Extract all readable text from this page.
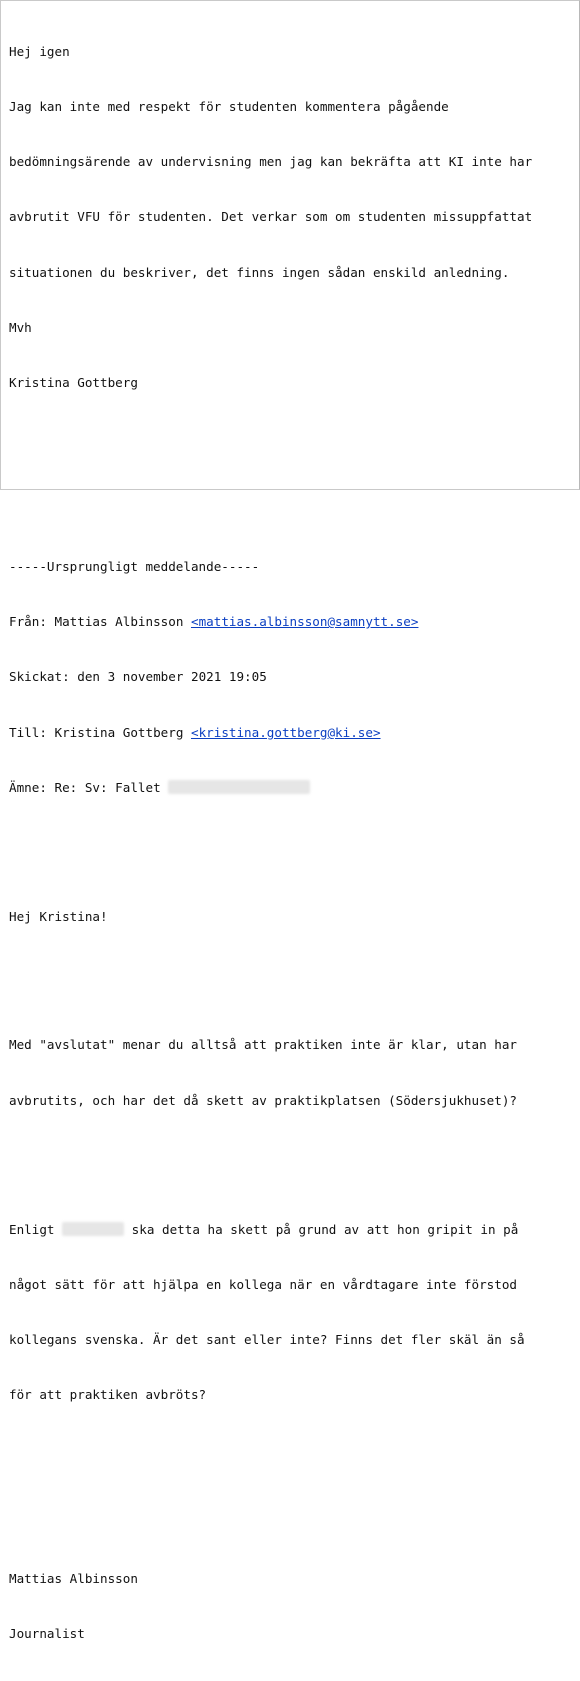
Hej igen

Jag kan inte med respekt för studenten kommentera pågående

bedömningsärende av undervisning men jag kan bekräfta att KI inte har

avbrutit VFU för studenten. Det verkar som om studenten missuppfattat

situationen du beskriver, det finns ingen sådan enskild anledning.

Mvh

Kristina Gottberg

-----Ursprungligt meddelande-----

Från: Mattias Albinsson <mattias.albinsson@samnytt.se>

Skickat: den 3 november 2021 19:05

Till: Kristina Gottberg <kristina.gottberg@ki.se>

Ämne: Re: Sv: Fallet

Hej Kristina!

Med "avslutat" menar du alltså att praktiken inte är klar, utan har

avbrutits, och har det då skett av praktikplatsen (Södersjukhuset)?

Enligt	ska detta ha skett på grund av att hon gripit in på

något sätt för att hjälpa en kollega när en vårdtagare inte förstod

kollegans svenska. Är det sant eller inte? Finns det fler skäl än så

för att praktiken avbröts?

Mattias Albinsson

Journalist
